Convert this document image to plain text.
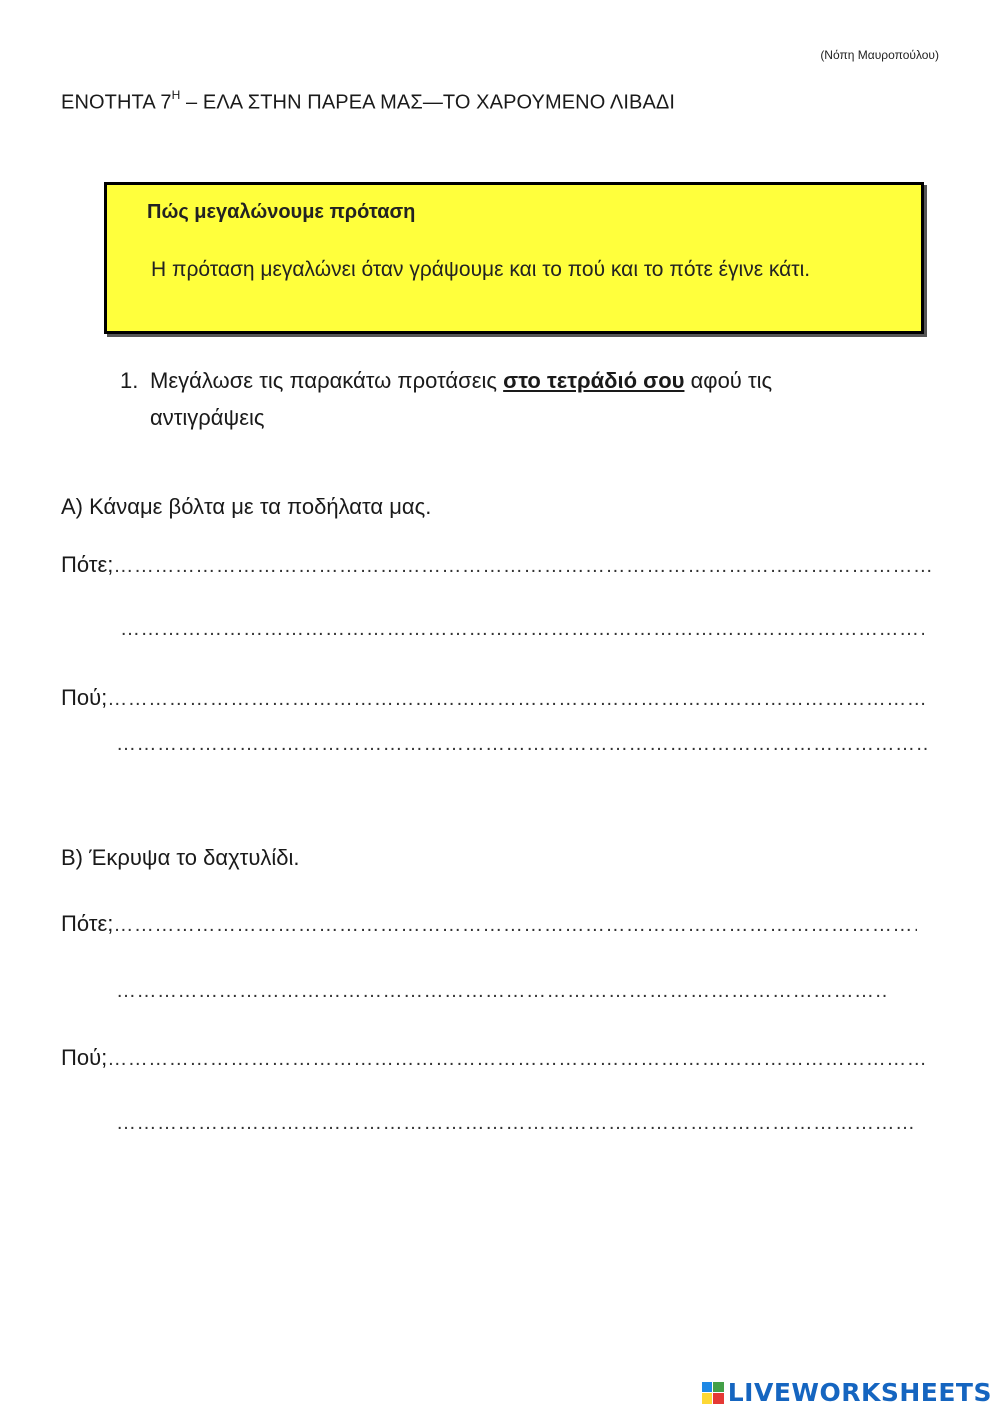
(Νόπη Μαυροπούλου)
ΕΝΟΤΗΤΑ $7^H$ – ΕΛΑ ΣΤΗΝ ΠΑΡΕΑ ΜΑΣ—ΤΟ ΧΑΡΟΥΜΕΝΟ ΛΙΒΑΔΙ
Πώς μεγαλώνουμε πρόταση
Η πρόταση μεγαλώνει όταν γράψουμε και το πού και το πότε έγινε κάτι.
1. Μεγάλωσε τις παρακάτω προτάσεις στο τετράδιό σου αφού τις
αντιγράψεις
Α) Κάναμε βόλτα με τα ποδήλατα μας.
Πότε;
……………………………………………………………………………………………………………………………………………………………………………………………………
……………………………………………………………………………………………………………………………………………………………………………………………………
Πού;
……………………………………………………………………………………………………………………………………………………………………………………………………
……………………………………………………………………………………………………………………………………………………………………………………………………
Β) Έκρυψα το δαχτυλίδι.
Πότε;
……………………………………………………………………………………………………………………………………………………………………………………………………
……………………………………………………………………………………………………………………………………………………………………………………………………
Πού;
……………………………………………………………………………………………………………………………………………………………………………………………………
……………………………………………………………………………………………………………………………………………………………………………………………………
LIVEWORKSHEETS
